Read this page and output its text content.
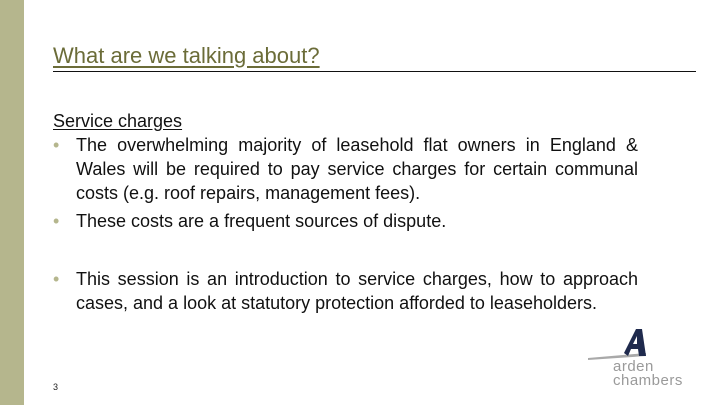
What are we talking about?

Service charges

• The overwhelming majority of leasehold flat owners in England & Wales will be required to pay service charges for certain communal costs (e.g. roof repairs, management fees).

• These costs are a frequent sources of dispute.

• This session is an introduction to service charges, how to approach cases, and a look at statutory protection afforded to leaseholders.

3
arden
chambers
